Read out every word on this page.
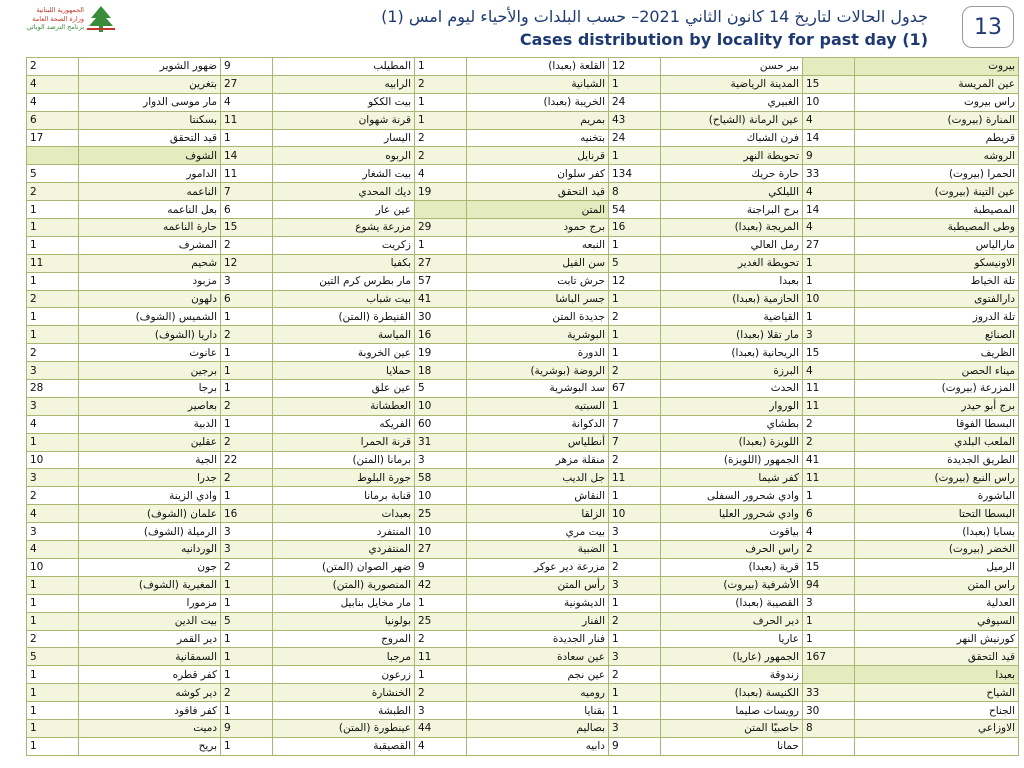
الجمهورية اللبنانية
وزارة الصحة العامة
برنامج الترصد الوبائي
جدول الحالات لتاريخ 14 كانون الثاني 2021– حسب البلدات والأحياء ليوم امس (1)
Cases distribution by locality for past day (1)	13
2	ضهور الشوير	9	المطيلب	1	القلعة (بعبدا)	12	بير حسن		بيروت
4	بتغرين	27	الرابيه	2	الشبانية	1	المدينة الرياضية	15	عين المريسة
4	مار موسى الدوار	4	بيت الككو	1	الخريبة (بعبدا)	24	الغبيري	10	راس بيروت
6	بسكنتا	11	قرنة شهوان	1	بمريم	43	عين الرمانة (الشياح)	4	المنارة (بيروت)
17	قيد التحقق	1	اليسار	2	بتخنيه	24	فرن الشباك	14	قريطم
	الشوف	14	الربوه	2	قرنايل	1	تحويطة النهر	9	الروشه
5	الدامور	11	بيت الشغار	4	كفر سلوان	134	حارة حريك	33	الحمرا (بيروت)
2	الناعمه	7	ديك المحدي	19	قيد التحقق	8	الليلكي	4	عين التينة (بيروت)
1	بعل الناعمه	6	عين عار		المتن	54	برج البراجنة	14	المصيطبة
1	حارة الناعمه	15	مزرعة يشوع	29	برج حمود	16	المريجة (بعبدا)	4	وطى المصيطبة
1	المشرف	2	زكريت	1	النبعه	1	رمل العالي	27	مارالياس
11	شحيم	12	بكفيا	27	سن الفيل	5	تحويطة الغدير	1	الاونيسكو
1	مزبود	3	مار بطرس كرم التين	57	حرش تابت	12	بعبدا	1	تلة الخياط
2	دلهون	6	بيت شباب	41	جسر الباشا	1	الحازمية (بعبدا)	10	دارالفتوى
1	الشميس (الشوف)	1	القنيطرة (المتن)	30	جديدة المتن	2	القياضية	1	تلة الدروز
1	داريا (الشوف)	2	المياسة	16	البوشرية	1	مار تقلا (بعبدا)	3	الصنائع
2	عانوت	1	عين الخروبة	19	الدورة	1	الريحانية (بعبدا)	15	الظريف
3	برجين	1	حملايا	18	الروضة (بوشرية)	2	البرزة	4	ميناء الحصن
28	برجا	1	عين علق	5	سد البوشرية	67	الحدث	11	المزرعة (بيروت)
3	بعاصير	2	العطشانة	10	السبتيه	1	الوروار	11	برج أبو حيدر
4	الدبية	1	الفريكه	60	الدكوانة	7	بطشاي	2	البسطا الفوقا
1	عقلين	2	قرنة الحمرا	31	أنطلياس	7	اللويزة (بعبدا)	2	الملعب البلدي
10	الجية	22	برمانا (المتن)	3	منقلة مزهر	2	الجمهور (اللويزة)	41	الطريق الجديدة
3	جدرا	2	جورة البلوط	58	جل الديب	11	كفر شيما	11	راس النبع (بيروت)
2	وادي الزينة	1	قنابة برمانا	10	النقاش	1	وادي شحرور السفلى	1	الباشورة
4	علمان (الشوف)	16	بعبدات	25	الزلقا	10	وادي شحرور العليا	6	البسطا التحتا
3	الرميلة (الشوف)	3	المنتفرد	10	بيت مري	3	بياقوت	4	بسابا (بعبدا)
4	الوردانيه	3	المنتفردي	27	الضبية	1	راس الحرف	2	الخضر (بيروت)
10	جون	2	ضهر الصوان (المتن)	9	مزرعة دير عوكر	2	قرية (بعبدا)	15	الرميل
1	المغيرية (الشوف)	1	المنصورية (المتن)	42	رأس المتن	3	الأشرفية (بيروت)	94	راس المتن
1	مزمورا	1	مار مخايل بنابيل	1	الديشونية	1	القصيبة (بعبدا)	3	العدلية
1	بيت الدين	5	بولونيا	25	الفنار	2	دير الحرف	1	السيوفي
2	دير القمر	1	المروج	2	فنار الجديدة	1	عاريا	1	كورنيش النهر
5	السمقانية	1	مرجبا	11	عين سعادة	3	الجمهور (عاريا)	167	قيد التحقق
1	كفر قطره	1	زرعون	1	عين نجم	2	زندوقة		بعبدا
1	دير كوشه	2	الخنشارة	2	روميه	1	الكنيسة (بعبدا)	33	الشياح
1	كفر فاقود	1	الطبشة	3	بقنايا	1	رويسات صليما	30	الجناح
1	دميت	9	عينطورة (المتن)	44	بصاليم	3	حاصبيّا المتن	8	الاوزاعي
1	بريح	1	القصيقبة	4	دابيه	9	حمانا		
